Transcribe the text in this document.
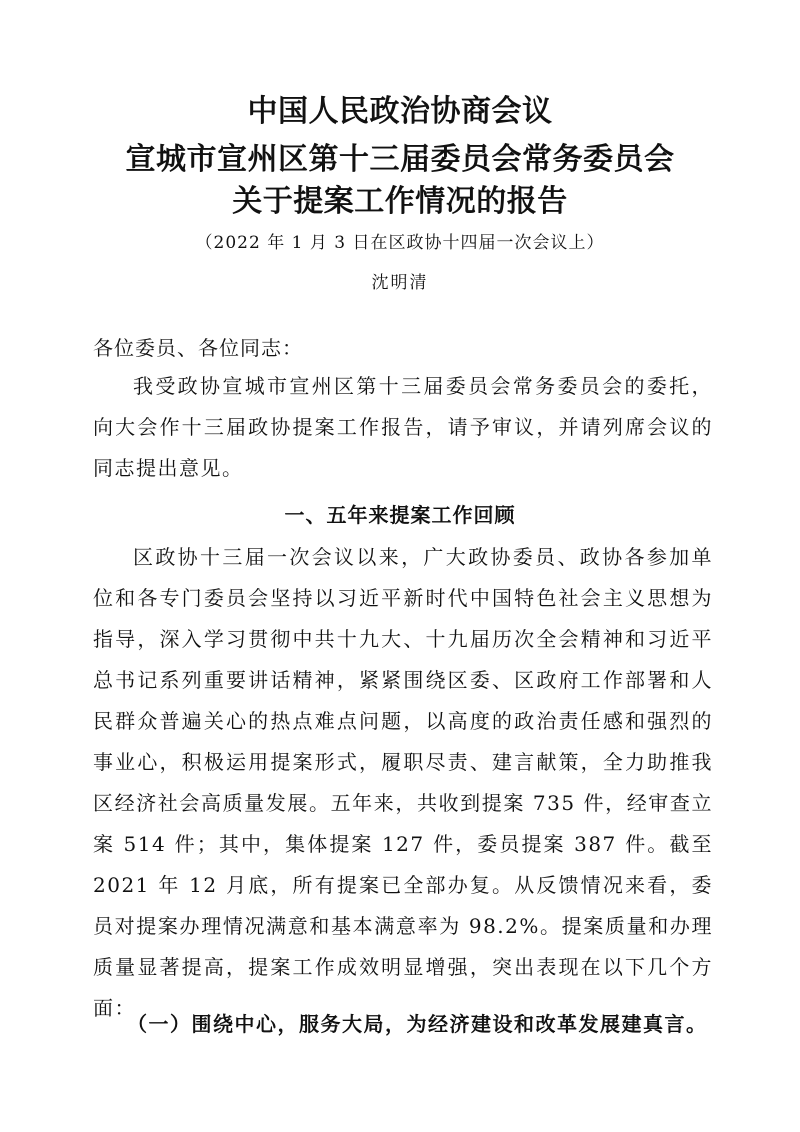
中国人民政治协商会议
宣城市宣州区第十三届委员会常务委员会
关于提案工作情况的报告
（2022 年 1 月 3 日在区政协十四届一次会议上）
沈明清
各位委员、各位同志：
我受政协宣城市宣州区第十三届委员会常务委员会的委托，向大会作十三届政协提案工作报告，请予审议，并请列席会议的同志提出意见。
一、五年来提案工作回顾
区政协十三届一次会议以来，广大政协委员、政协各参加单位和各专门委员会坚持以习近平新时代中国特色社会主义思想为指导，深入学习贯彻中共十九大、十九届历次全会精神和习近平总书记系列重要讲话精神，紧紧围绕区委、区政府工作部署和人民群众普遍关心的热点难点问题，以高度的政治责任感和强烈的事业心，积极运用提案形式，履职尽责、建言献策，全力助推我区经济社会高质量发展。五年来，共收到提案 735 件，经审查立案 514 件；其中，集体提案 127 件，委员提案 387 件。截至 2021 年 12 月底，所有提案已全部办复。从反馈情况来看，委员对提案办理情况满意和基本满意率为 98.2%。提案质量和办理质量显著提高，提案工作成效明显增强，突出表现在以下几个方面：
（一）围绕中心，服务大局，为经济建设和改革发展建真言。
